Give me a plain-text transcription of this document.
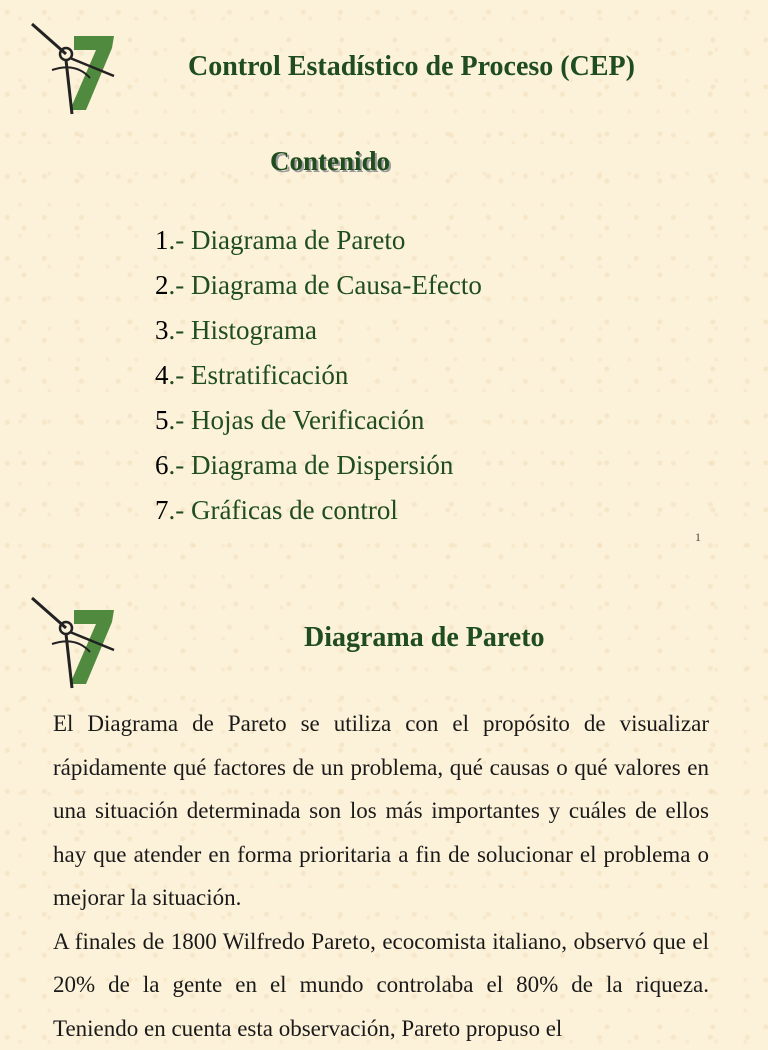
Control Estadístico de Proceso (CEP)
Contenido
1.- Diagrama de Pareto
2.- Diagrama de Causa-Efecto
3.- Histograma
4.- Estratificación
5.- Hojas de Verificación
6.- Diagrama de Dispersión
7.- Gráficas de control
1
Diagrama de Pareto

El Diagrama de Pareto se utiliza con el propósito de visualizar rápidamente qué factores de un problema, qué causas o qué valores en una situación determinada son los más importantes y cuáles de ellos hay que atender en forma prioritaria a fin de solucionar el problema o mejorar la situación.

A finales de 1800 Wilfredo Pareto, ecocomista italiano, observó que el 20% de la gente en el mundo controlaba el 80% de la riqueza. Teniendo en cuenta esta observación, Pareto propuso el
